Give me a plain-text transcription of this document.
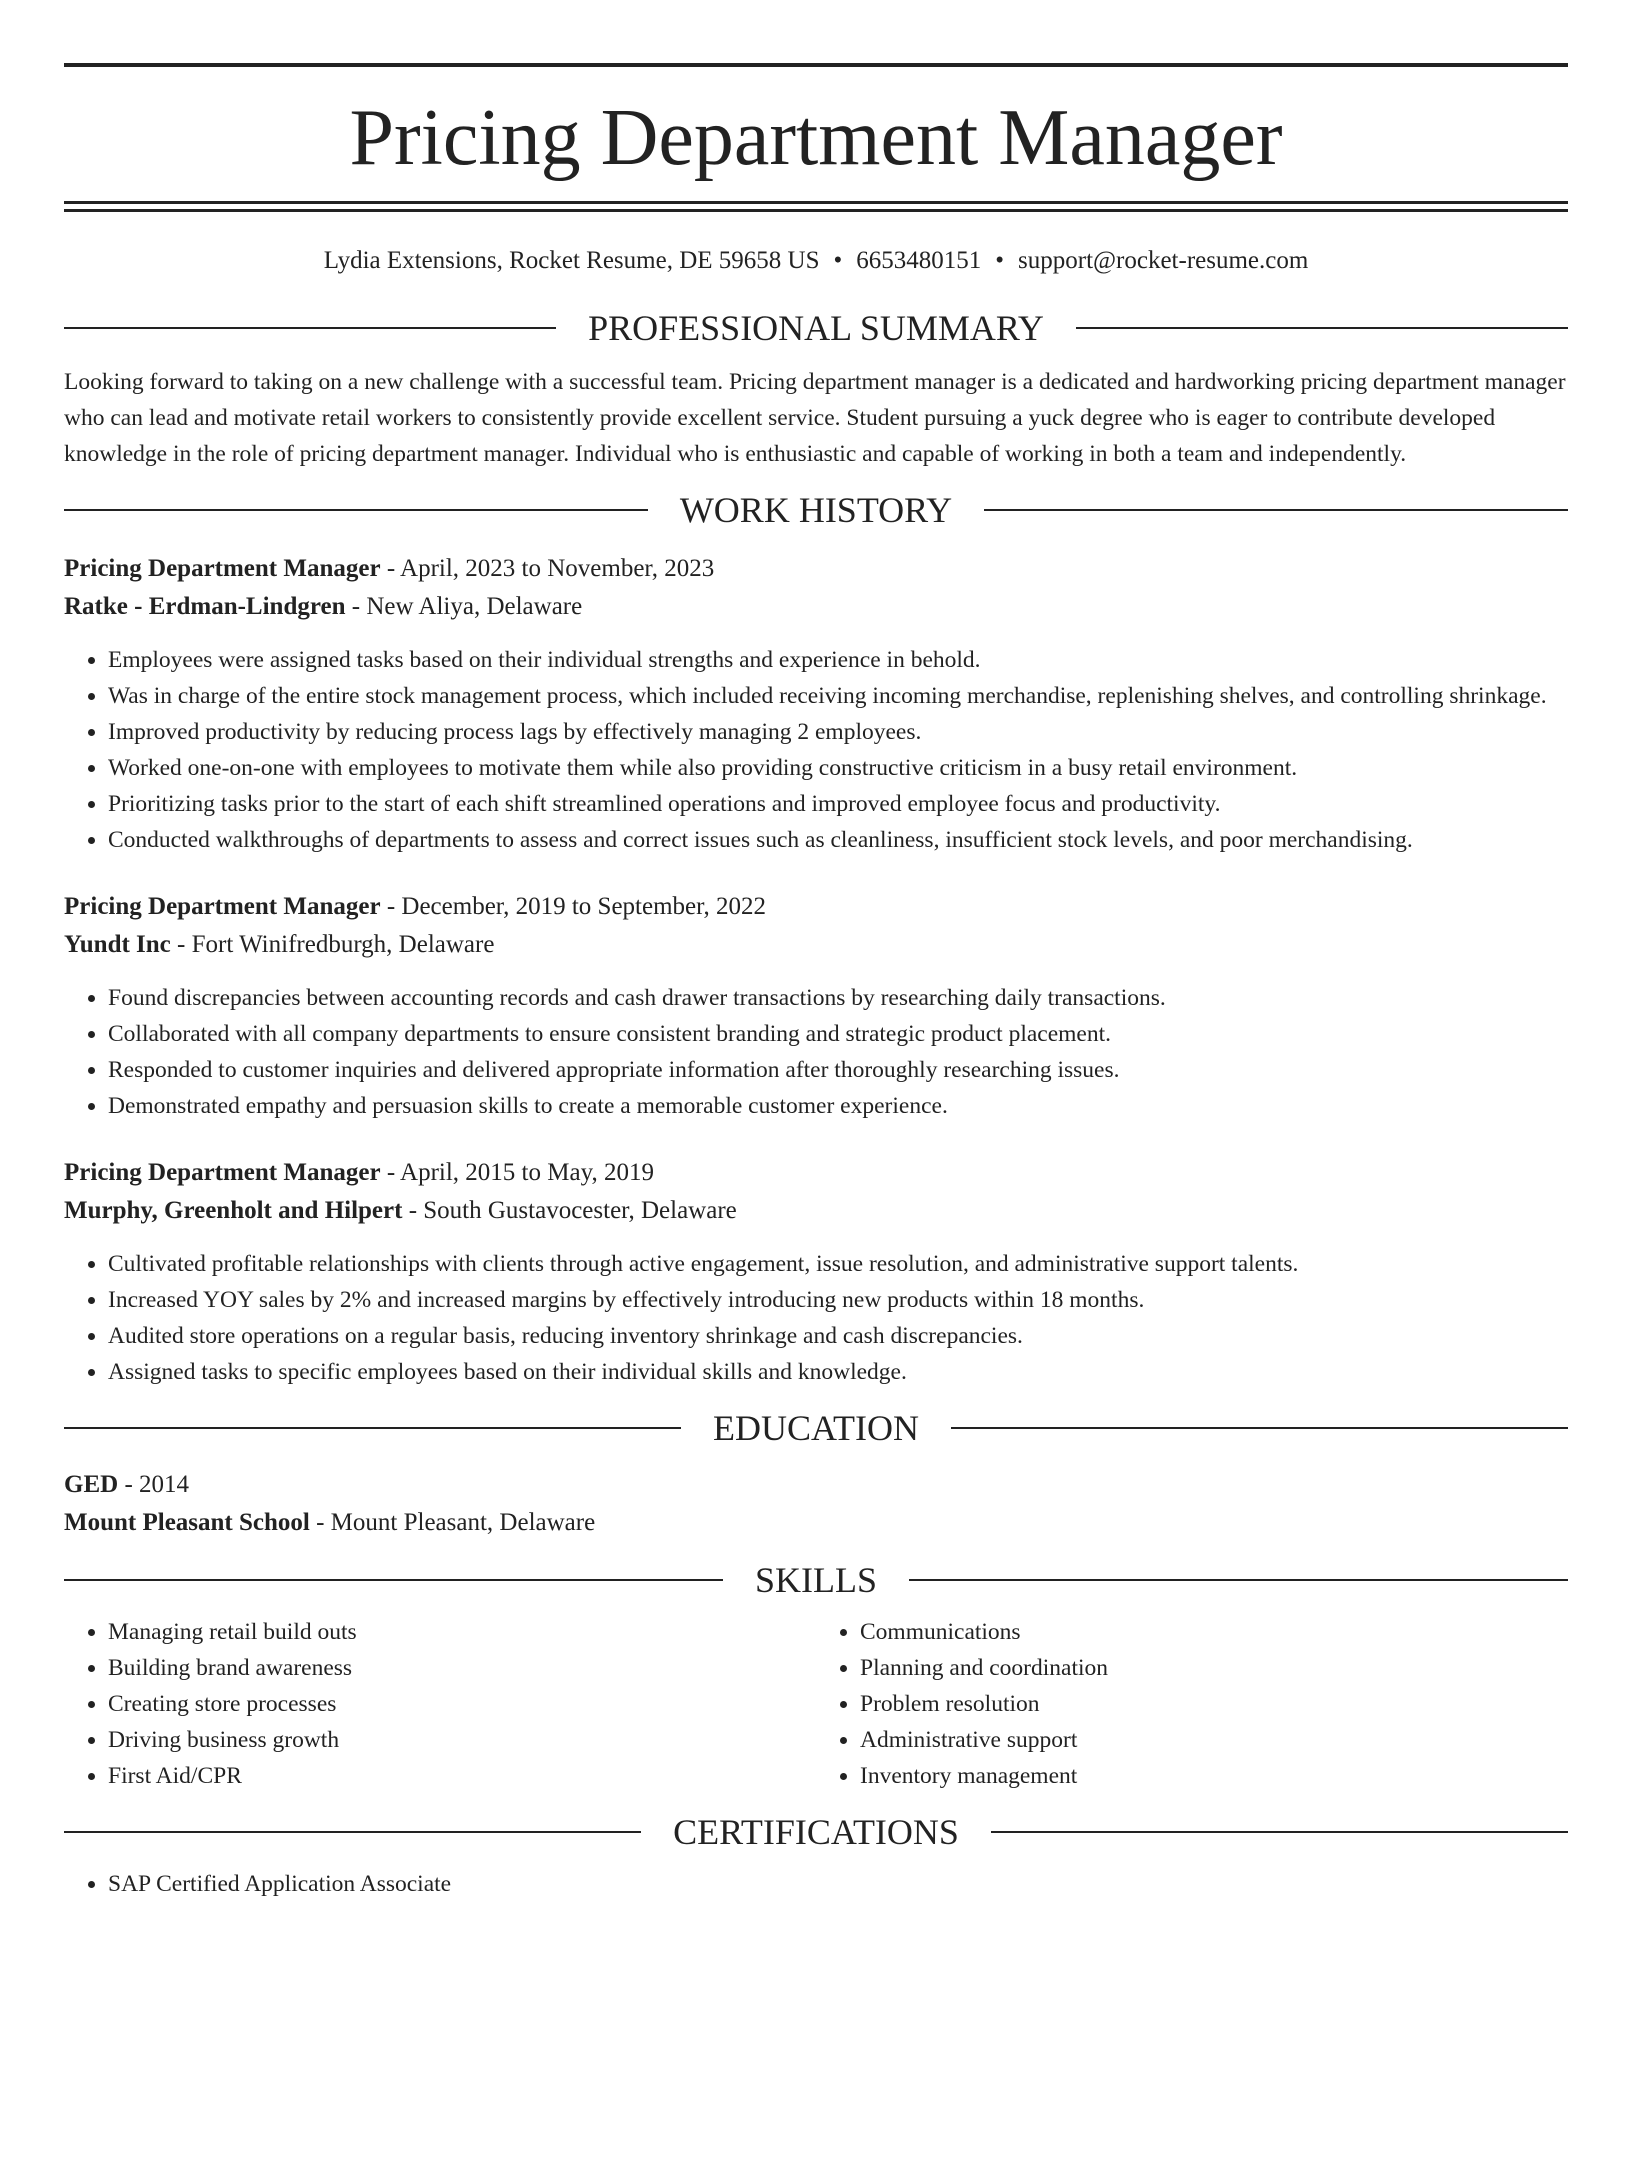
Pricing Department Manager
Lydia Extensions, Rocket Resume, DE 59658 US • 6653480151 • support@rocket-resume.com
PROFESSIONAL SUMMARY

Looking forward to taking on a new challenge with a successful team. Pricing department manager is a dedicated and hardworking pricing department manager who can lead and motivate retail workers to consistently provide excellent service. Student pursuing a yuck degree who is eager to contribute developed knowledge in the role of pricing department manager. Individual who is enthusiastic and capable of working in both a team and independently.

WORK HISTORY

Pricing Department Manager - April, 2023 to November, 2023

Ratke - Erdman-Lindgren - New Aliya, Delaware

• Employees were assigned tasks based on their individual strengths and experience in behold.
• Was in charge of the entire stock management process, which included receiving incoming merchandise, replenishing shelves, and controlling shrinkage.
• Improved productivity by reducing process lags by effectively managing 2 employees.
• Worked one-on-one with employees to motivate them while also providing constructive criticism in a busy retail environment.
• Prioritizing tasks prior to the start of each shift streamlined operations and improved employee focus and productivity.
• Conducted walkthroughs of departments to assess and correct issues such as cleanliness, insufficient stock levels, and poor merchandising.

Pricing Department Manager - December, 2019 to September, 2022

Yundt Inc - Fort Winifredburgh, Delaware

• Found discrepancies between accounting records and cash drawer transactions by researching daily transactions.
• Collaborated with all company departments to ensure consistent branding and strategic product placement.
• Responded to customer inquiries and delivered appropriate information after thoroughly researching issues.
• Demonstrated empathy and persuasion skills to create a memorable customer experience.

Pricing Department Manager - April, 2015 to May, 2019

Murphy, Greenholt and Hilpert - South Gustavocester, Delaware

• Cultivated profitable relationships with clients through active engagement, issue resolution, and administrative support talents.
• Increased YOY sales by 2% and increased margins by effectively introducing new products within 18 months.
• Audited store operations on a regular basis, reducing inventory shrinkage and cash discrepancies.
• Assigned tasks to specific employees based on their individual skills and knowledge.
EDUCATION

GED - 2014

Mount Pleasant School - Mount Pleasant, Delaware

SKILLS
• Managing retail build outs
• Building brand awareness
• Creating store processes
• Driving business growth
• First Aid/CPR
• Communications
• Planning and coordination
• Problem resolution
• Administrative support
• Inventory management
CERTIFICATIONS
• SAP Certified Application Associate
